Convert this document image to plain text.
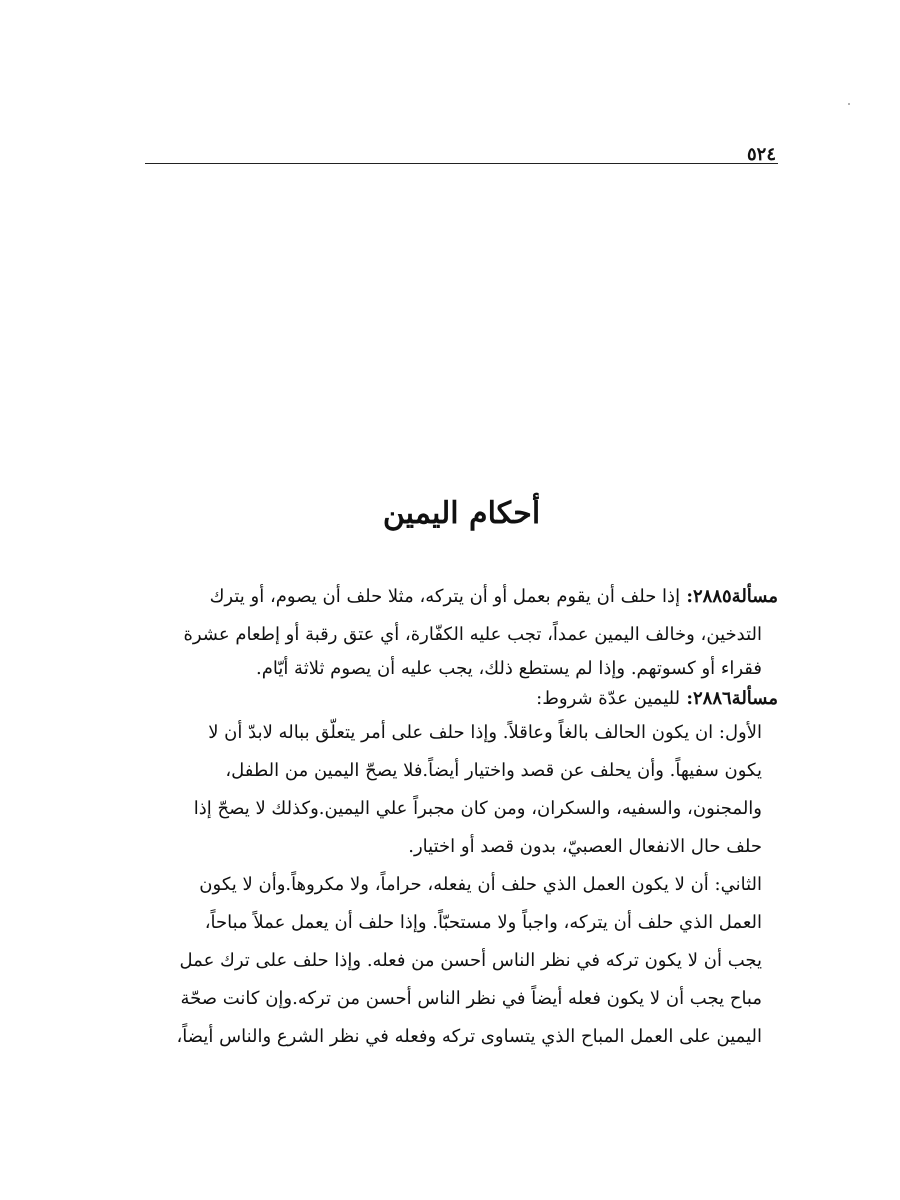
٥٢٤
أحكام اليمين
مسألة٢٨٨٥: إذا حلف أن يقوم بعمل أو أن يتركه، مثلا حلف أن يصوم، أو يترك
التدخين، وخالف اليمين عمداً، تجب عليه الكفّارة، أي عتق رقبة أو إطعام عشرة
فقراء أو كسوتهم. وإذا لم يستطع ذلك، يجب عليه أن يصوم ثلاثة أيّام.
مسألة٢٨٨٦: لليمين عدّة شروط:
الأول: ان يكون الحالف بالغاً وعاقلاً. وإذا حلف على أمر يتعلّق بباله لابدّ أن لا
يكون سفيهاً. وأن يحلف عن قصد واختيار أيضاً.فلا يصحّ اليمين من الطفل،
والمجنون، والسفيه، والسكران، ومن كان مجبراً علي اليمين.وكذلك لا يصحّ إذا
حلف حال الانفعال العصبيّ، بدون قصد أو اختيار.
الثاني: أن لا يكون العمل الذي حلف أن يفعله، حراماً، ولا مكروهاً.وأن لا يكون
العمل الذي حلف أن يتركه، واجباً ولا مستحبّاً. وإذا حلف أن يعمل عملاً مباحاً،
يجب أن لا يكون تركه في نظر الناس أحسن من فعله. وإذا حلف على ترك عمل
مباح يجب أن لا يكون فعله أيضاً في نظر الناس أحسن من تركه.وإن كانت صحّة
اليمين على العمل المباح الذي يتساوى تركه وفعله في نظر الشرع والناس أيضاً،
